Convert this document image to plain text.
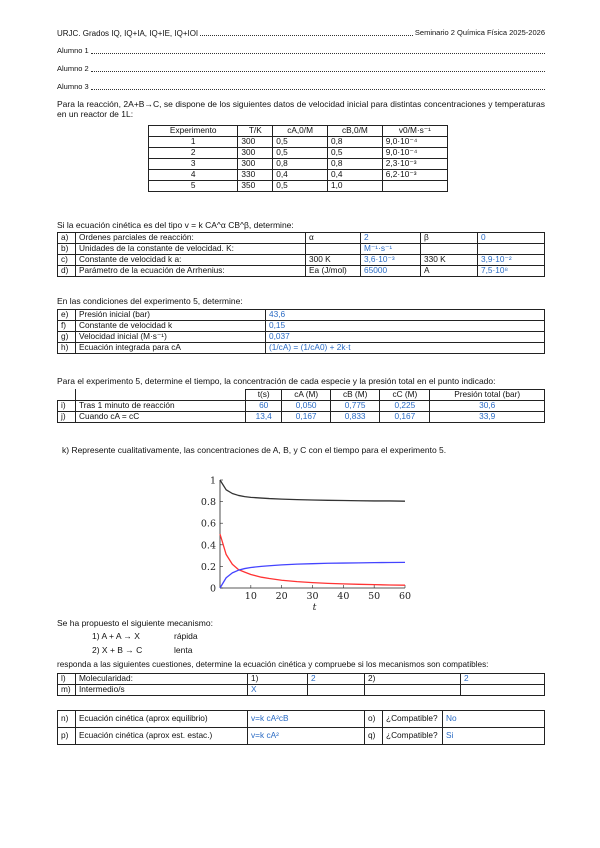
URJC. Grados IQ, IQ+IA, IQ+IE, IQ+IOI	Seminario 2 Química Física 2025-2026
Alumno 1
Alumno 2
Alumno 3
Para la reacción, 2A+B→C, se dispone de los siguientes datos de velocidad inicial para distintas concentraciones y temperaturas en un reactor de 1L:
Experimento	T/K	cA,0/M	cB,0/M	v0/M·s⁻¹
1	300	0,5	0,8	9,0·10⁻⁴
2	300	0,5	0,5	9,0·10⁻⁴
3	300	0,8	0,8	2,3·10⁻³
4	330	0,4	0,4	6,2·10⁻³
5	350	0,5	1,0	
Si la ecuación cinética es del tipo v = k CA^α CB^β, determine:
a)	Ordenes parciales de reacción:	α	2	β	0
b)	Unidades de la constante de velocidad. K:		M⁻¹·s⁻¹		
c)	Constante de velocidad k a:	300 K	3,6·10⁻³	330 K	3,9·10⁻²
d)	Parámetro de la ecuación de Arrhenius:	Ea (J/mol)	65000	A	7,5·10⁸
En las condiciones del experimento 5, determine:
e)	Presión inicial (bar)	43,6
f)	Constante de velocidad k	0,15
g)	Velocidad inicial (M·s⁻¹)	0,037
h)	Ecuación integrada para cA	(1/cA) = (1/cA0) + 2k·t
Para el experimento 5, determine el tiempo, la concentración de cada especie y la presión total en el punto indicado:
		t(s)	cA (M)	cB (M)	cC (M)	Presión total (bar)
i)	Tras 1 minuto de reacción	60	0,050	0,775	0,225	30,6
j)	Cuando cA = cC	13,4	0,167	0,833	0,167	33,9
k) Represente cualitativamente, las concentraciones de A, B, y C con el tiempo para el experimento 5.
10 20 30 40 50 60
0
0.2
0.4
0.6
0.8
1
t
Se ha propuesto el siguiente mecanismo:
1) A + A → X	rápida
2) X + B → C	lenta
responda a las siguientes cuestiones, determine la ecuación cinética y compruebe si los mecanismos son compatibles:
l)	Molecularidad:	1)	2	2)	2
m)	Intermedio/s	X			
n)	Ecuación cinética (aprox equilibrio)	v=k cA²cB	o)	¿Compatible?	No
p)	Ecuación cinética (aprox est. estac.)	v=k cA²	q)	¿Compatible?	Si
